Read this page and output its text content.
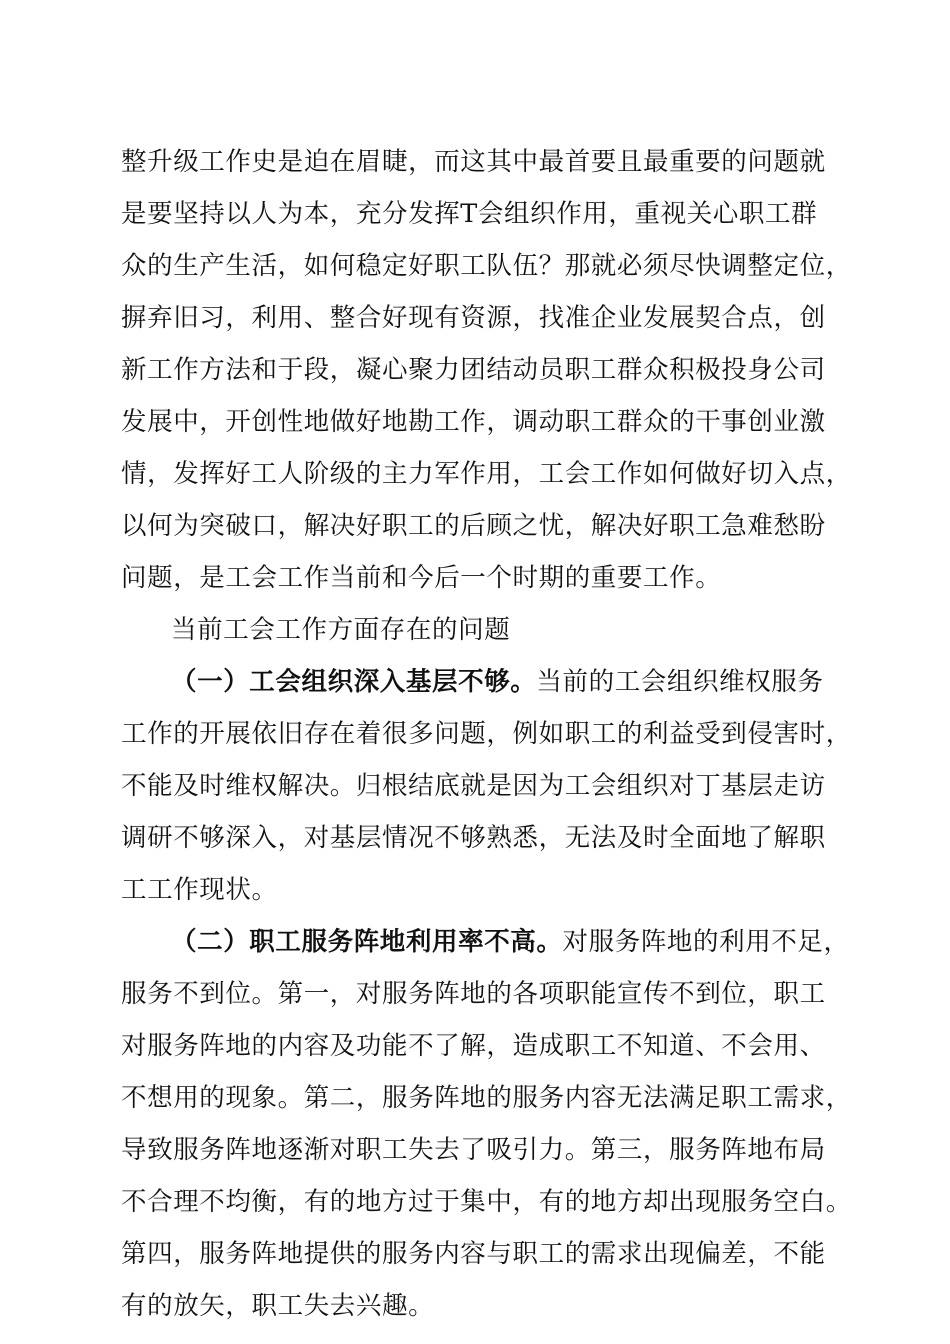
整升级工作史是迫在眉睫，而这其中最首要且最重要的问题就
是要坚持以人为本，充分发挥T会组织作用，重视关心职工群
众的生产生活，如何稳定好职工队伍？那就必须尽快调整定位，
摒弃旧习，利用、整合好现有资源，找准企业发展契合点，创
新工作方法和于段，凝心聚力团结动员职工群众积极投身公司
发展中，开创性地做好地勘工作，调动职工群众的干事创业激
情，发挥好工人阶级的主力军作用，工会工作如何做好切入点，
以何为突破口，解决好职工的后顾之忧，解决好职工急难愁盼
问题，是工会工作当前和今后一个时期的重要工作。
当前工会工作方面存在的问题
（一）工会组织深入基层不够。当前的工会组织维权服务
工作的开展依旧存在着很多问题，例如职工的利益受到侵害时，
不能及时维权解决。归根结底就是因为工会组织对丁基层走访
调研不够深入，对基层情况不够熟悉，无法及时全面地了解职
工工作现状。
（二）职工服务阵地利用率不高。对服务阵地的利用不足，
服务不到位。第一，对服务阵地的各项职能宣传不到位，职工
对服务阵地的内容及功能不了解，造成职工不知道、不会用、
不想用的现象。第二，服务阵地的服务内容无法满足职工需求，
导致服务阵地逐渐对职工失去了吸引力。第三，服务阵地布局
不合理不均衡，有的地方过于集中，有的地方却出现服务空白。
第四，服务阵地提供的服务内容与职工的需求出现偏差，不能
有的放矢，职工失去兴趣。
